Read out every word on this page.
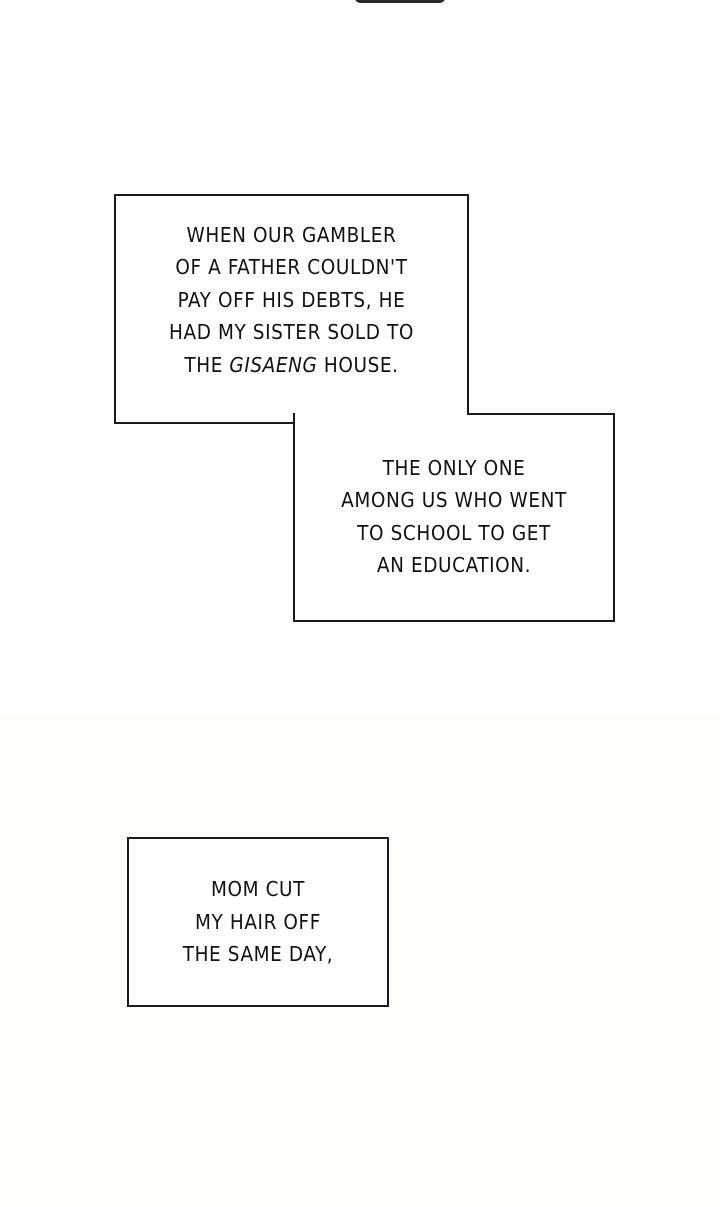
WHEN OUR GAMBLER
OF A FATHER COULDN'T
PAY OFF HIS DEBTS, HE
HAD MY SISTER SOLD TO
THE GISAENG HOUSE.

THE ONLY ONE
AMONG US WHO WENT
TO SCHOOL TO GET
AN EDUCATION.

MOM CUT
MY HAIR OFF
THE SAME DAY,
